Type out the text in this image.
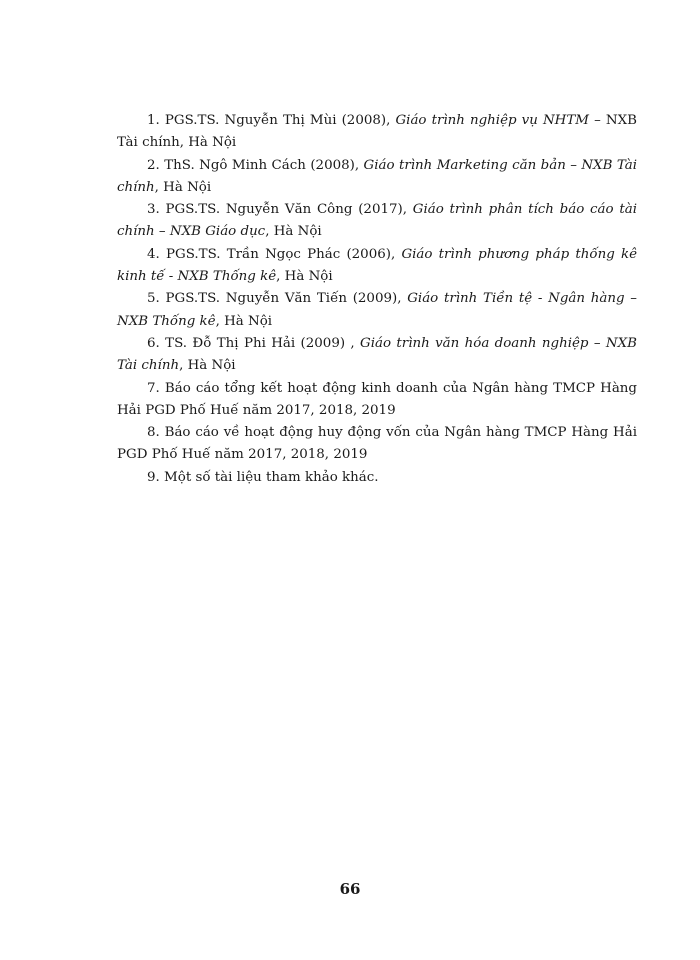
1. PGS.TS. Nguyễn Thị Mùi (2008), Giáo trình nghiệp vụ NHTM – NXB Tài chính, Hà Nội
2. ThS. Ngô Minh Cách (2008), Giáo trình Marketing căn bản – NXB Tài chính, Hà Nội
3. PGS.TS. Nguyễn Văn Công (2017), Giáo trình phân tích báo cáo tài chính – NXB Giáo dục, Hà Nội
4. PGS.TS. Trần Ngọc Phác (2006), Giáo trình phương pháp thống kê kinh tế - NXB Thống kê, Hà Nội
5. PGS.TS. Nguyễn Văn Tiến (2009), Giáo trình Tiền tệ - Ngân hàng – NXB Thống kê, Hà Nội
6. TS. Đỗ Thị Phi Hải (2009) , Giáo trình văn hóa doanh nghiệp – NXB Tài chính, Hà Nội
7. Báo cáo tổng kết hoạt động kinh doanh của Ngân hàng TMCP Hàng Hải PGD Phố Huế năm 2017, 2018, 2019
8. Báo cáo về hoạt động huy động vốn của Ngân hàng TMCP Hàng Hải PGD Phố Huế năm 2017, 2018, 2019
9. Một số tài liệu tham khảo khác.
66
